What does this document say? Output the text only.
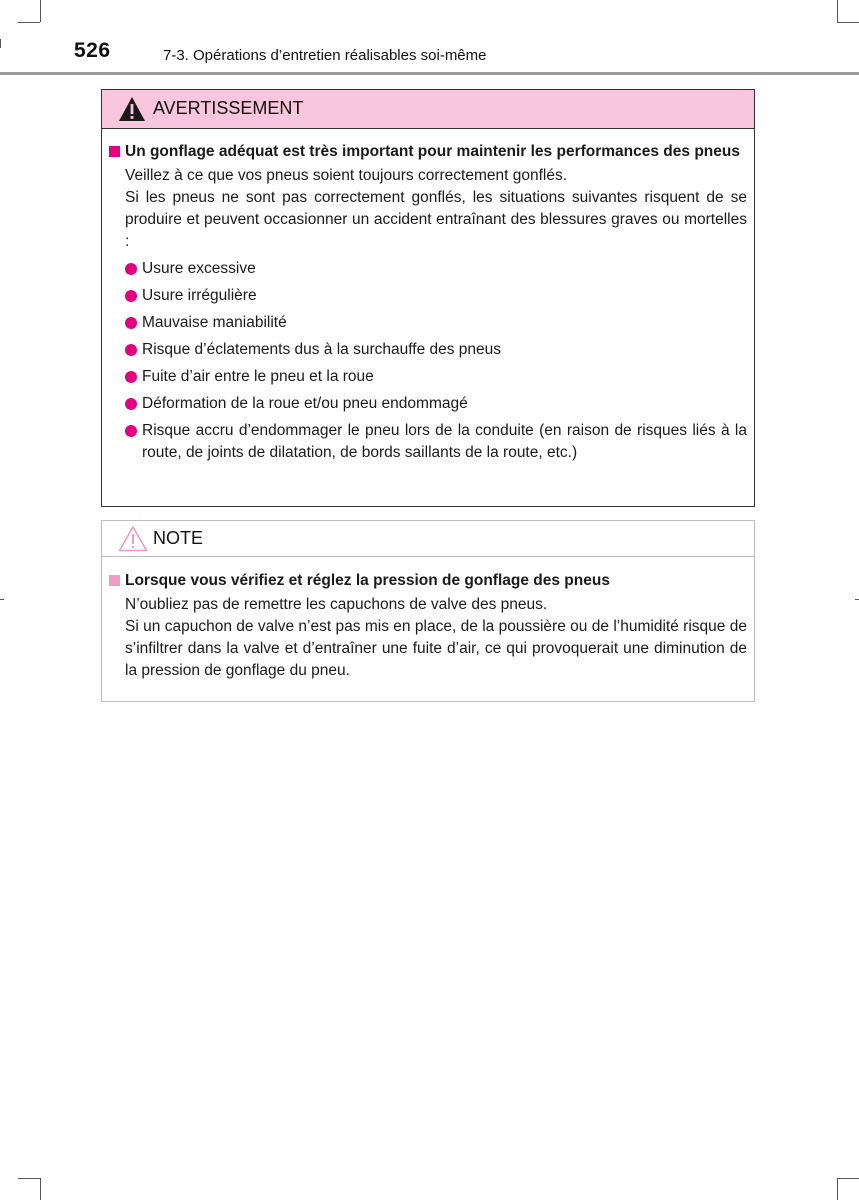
526	7-3. Opérations d’entretien réalisables soi-même
AVERTISSEMENT
Un gonflage adéquat est très important pour maintenir les performances des pneus
Veillez à ce que vos pneus soient toujours correctement gonflés.
Si les pneus ne sont pas correctement gonflés, les situations suivantes risquent de se produire et peuvent occasionner un accident entraînant des blessures graves ou mortelles :
Usure excessive
Usure irrégulière
Mauvaise maniabilité
Risque d’éclatements dus à la surchauffe des pneus
Fuite d’air entre le pneu et la roue
Déformation de la roue et/ou pneu endommagé
Risque accru d’endommager le pneu lors de la conduite (en raison de risques liés à la route, de joints de dilatation, de bords saillants de la route, etc.)
NOTE
Lorsque vous vérifiez et réglez la pression de gonflage des pneus
N’oubliez pas de remettre les capuchons de valve des pneus.
Si un capuchon de valve n’est pas mis en place, de la poussière ou de l’humidité risque de s’infiltrer dans la valve et d’entraîner une fuite d’air, ce qui provoquerait une diminution de la pression de gonflage du pneu.
